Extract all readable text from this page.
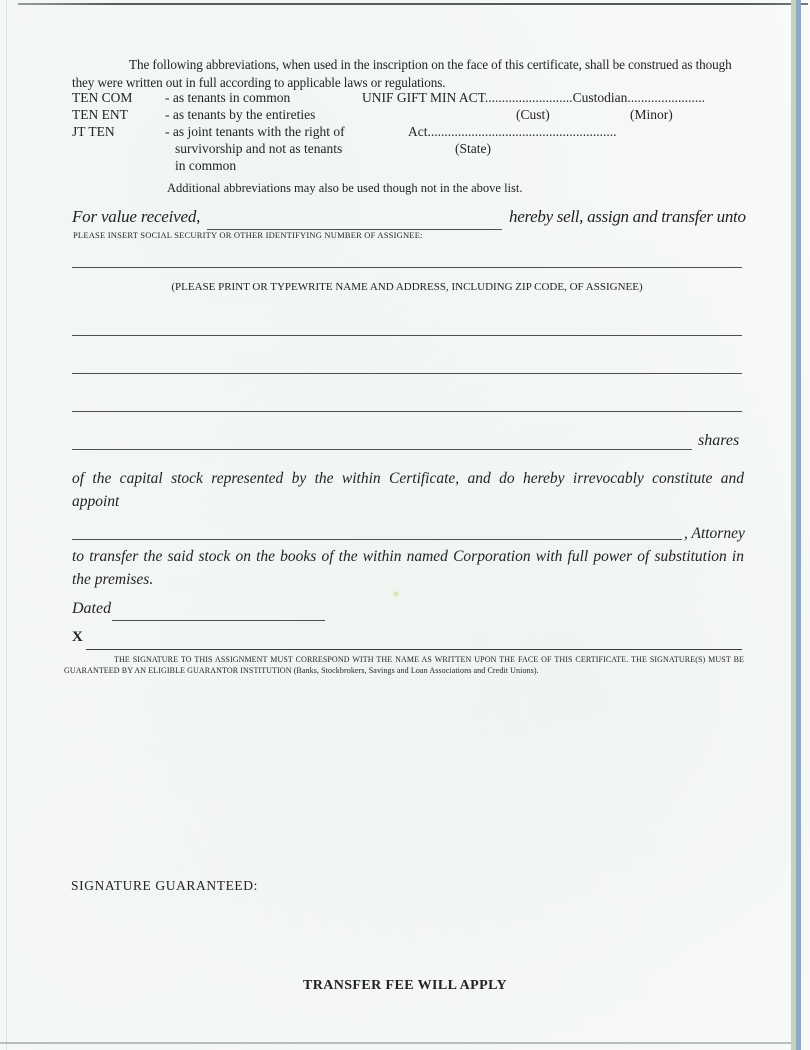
The following abbreviations, when used in the inscription on the face of this certificate, shall be construed as though they were written out in full according to applicable laws or regulations.

TEN COM - as tenants in common
TEN ENT	- as tenants by the entireties
JT TEN	- as joint tenants with the right of
survivorship and not as tenants
in common
UNIF GIFT MIN ACT..........................Custodian.......................
(Cust)	(Minor)
Act........................................................
(State)
Additional abbreviations may also be used though not in the above list.
For value received,	hereby sell, assign and transfer unto
PLEASE INSERT SOCIAL SECURITY OR OTHER IDENTIFYING NUMBER OF ASSIGNEE:
(PLEASE PRINT OR TYPEWRITE NAME AND ADDRESS, INCLUDING ZIP CODE, OF ASSIGNEE)
shares
of the capital stock represented by the within Certificate, and do hereby irrevocably constitute and
appoint
, Attorney
to transfer the said stock on the books of the within named Corporation with full power of substitution in
the premises.
Dated
X
THE SIGNATURE TO THIS ASSIGNMENT MUST CORRESPOND WITH THE NAME AS WRITTEN UPON THE FACE OF THIS CERTIFICATE. THE SIGNATURE(S) MUST BE GUARANTEED BY AN ELIGIBLE GUARANTOR INSTITUTION (Banks, Stockbrokers, Savings and Loan Associations and Credit Unions).
SIGNATURE GUARANTEED:
TRANSFER FEE WILL APPLY
